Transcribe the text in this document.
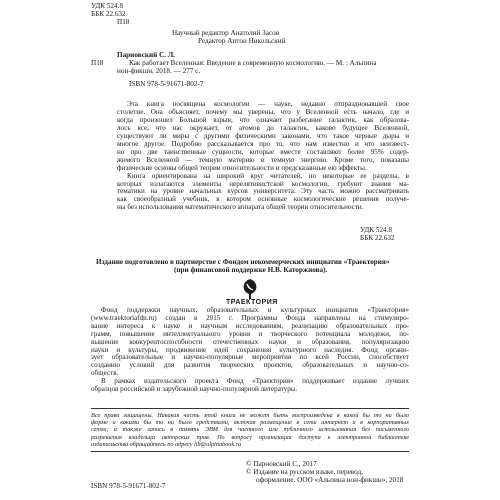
УДК 524.8
ББК 22.632
П18
Научный редактор Анатолий Засов
Редактор Антон Никольский
Парновский С. Л.
П18	Как работает Вселенная: Введение в современную космологию. — М. : Альпина
нон-фикшн, 2018. — 277 с.
ISBN 978-5-91671-802-7
Эта книга посвящена космологии — науке, недавно отпраздновавшей свое
столетие. Она объясняет, почему мы уверены, что у Вселенной есть начало, где и
когда произошел Большой взрыв, что означает разбегание галактик, как образова-
лось все, что нас окружает, от атомов до галактик, каково будущее Вселенной,
существуют ли миры с другими физическими законами, что такое черные дыры и
многое другое. Подробно рассказывается про то, что нам известно и что неизвест-
но про две таинственные сущности, которые вместе составляют более 95% содер-
жимого Вселенной — темную материю и темную энергию. Кроме того, показаны
физические основы общей теории относительности и предсказанные ею эффекты.
Книга ориентирована на широкий круг читателей, но некоторые ее разделы, в
которых излагаются элементы нерелятивистской космологии, требуют знания ма-
тематики на уровне начальных курсов университета. Эту часть можно рассматривать
как своеобразный учебник, в котором основные космологические решения получе-
ны без использования математического аппарата общей теории относительности.
УДК 524.8
ББК 22.632
Издание подготовлено в партнерстве с Фондом некоммерческих инициатив «Траектория»
(при финансовой поддержке Н.В. Каторжнова).
ТРАЕКТОРИЯ
Фонд поддержки научных, образовательных и культурных инициатив «Траектория»
(www.traektoriafdn.ru) создан в 2015 г. Программы Фонда направлены на стимулиро-
вание интереса к науке и научным исследованиям, реализацию образовательных про-
грамм, повышение интеллектуального уровня и творческого потенциала молодежи, по-
вышение конкурентоспособности отечественных науки и образования, популяризацию
науки и культуры, продвижение идей сохранения культурного наследия. Фонд органи-
зует образовательные и научно-популярные мероприятия по всей России, способствует
созданию условий для развития творческих проектов, образовательных и научно-со-
обществ.
В рамках издательского проекта Фонд «Траектория» поддерживает издание лучших
образцов российской и зарубежной научно-популярной литературы.
Все права защищены. Никакая часть этой книги не может быть воспроизведена в какой бы то ни было
форме и какими бы то ни было средствами, включая размещение в сети интернет и в корпоративных
сетях, а также запись в память ЭВМ для частного или публичного использования без письменного
разрешения владельца авторских прав. По вопросу организации доступа к электронной библиотеке
издательства обращайтесь по адресу lib@alpinabook.ru
ISBN 978-5-91671-802-7
© Парновский С., 2017
© Издание на русском языке, перевод,
оформление. ООО «Альпина нон-фикшн», 2018
